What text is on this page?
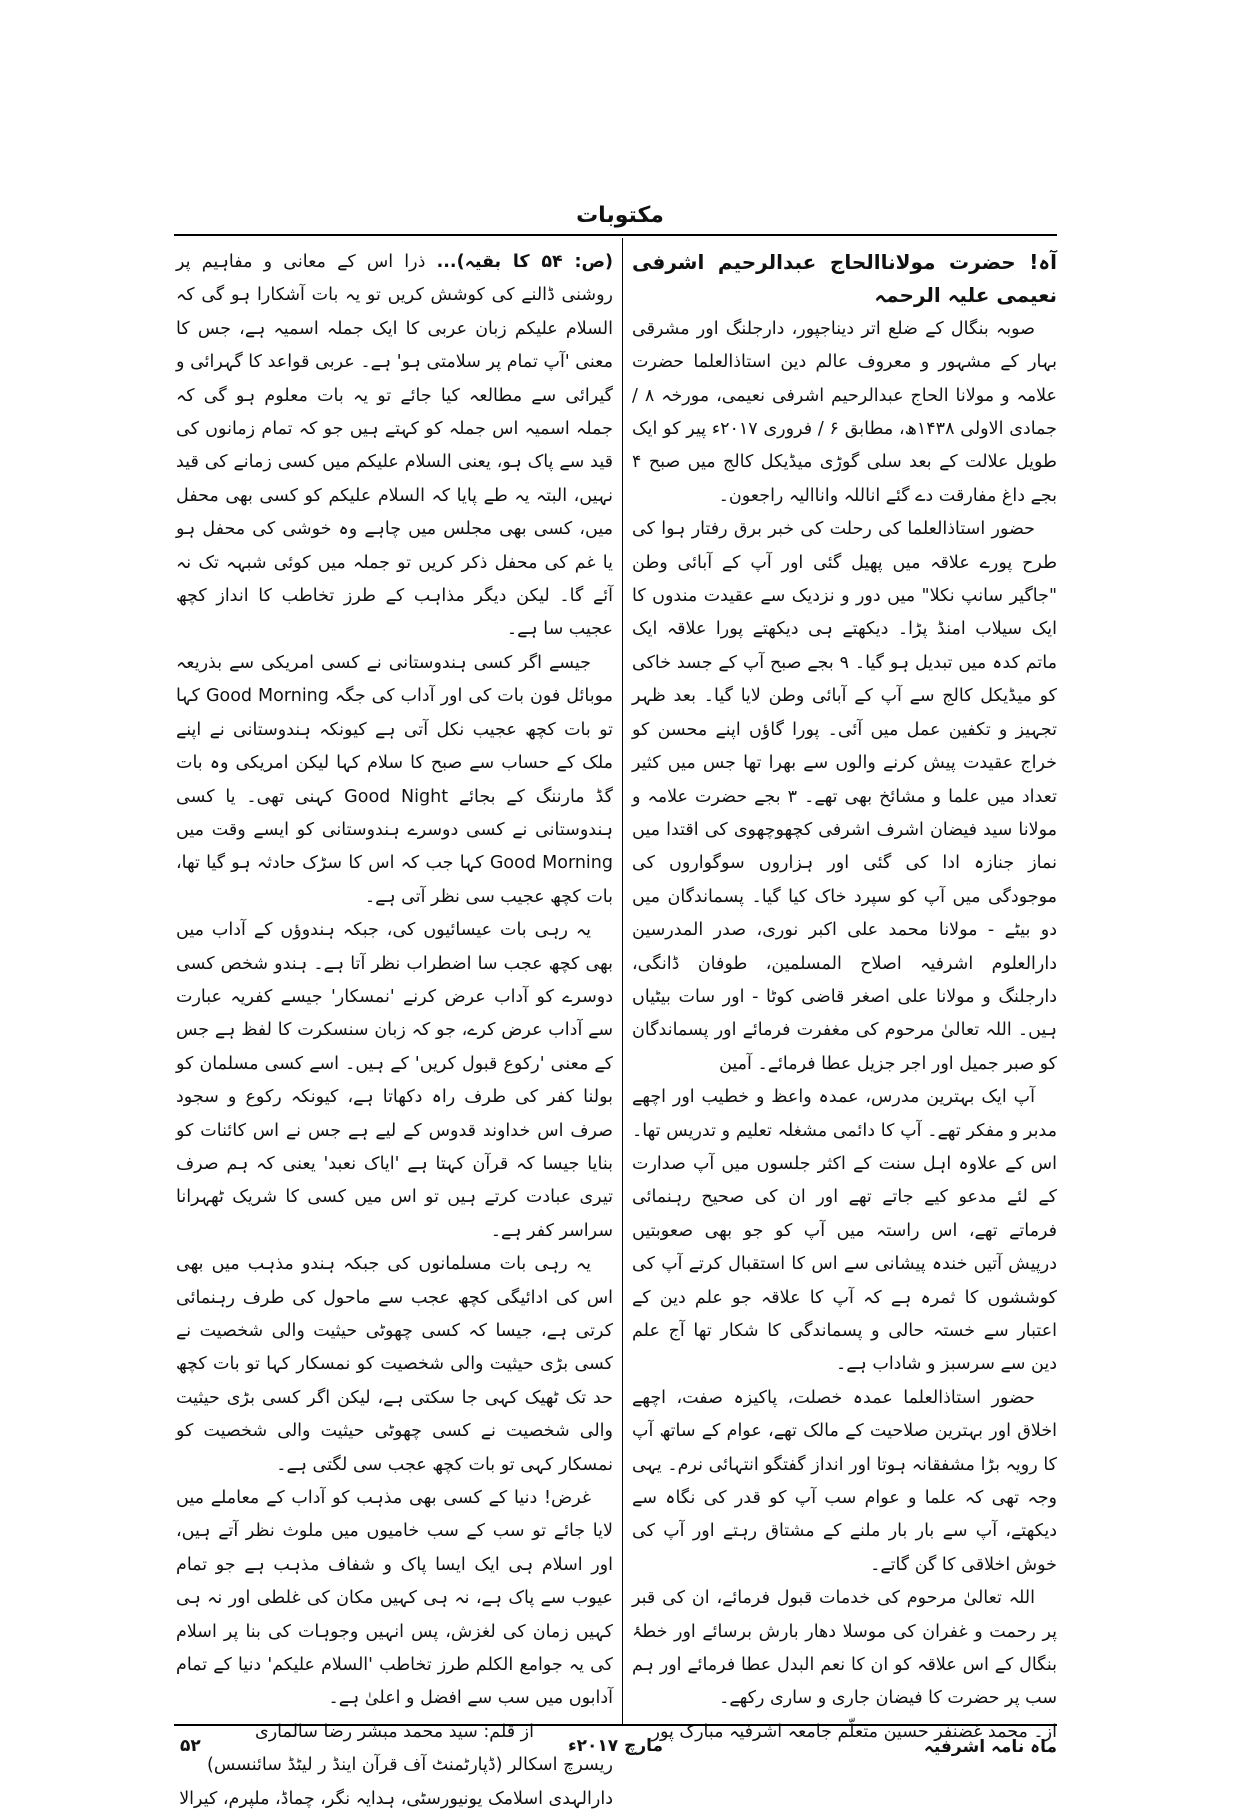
مکتوبات
آہ! حضرت مولاناالحاج عبدالرحیم اشرفی نعیمی علیہ الرحمہ

صوبہ بنگال کے ضلع اتر دیناجپور، دارجلنگ اور مشرقی بہار کے مشہور و معروف عالم دین استاذالعلما حضرت علامہ و مولانا الحاج عبدالرحیم اشرفی نعیمی، مورخہ ۸ / جمادی الاولی ۱۴۳۸ھ، مطابق ۶ / فروری ۲۰۱۷ء پیر کو ایک طویل علالت کے بعد سلی گوڑی میڈیکل کالج میں صبح ۴ بجے داغ مفارقت دے گئے اناللہ واناالیہ راجعون۔

حضور استاذالعلما کی رحلت کی خبر برق رفتار ہوا کی طرح پورے علاقہ میں پھیل گئی اور آپ کے آبائی وطن "جاگیر سانپ نکلا" میں دور و نزدیک سے عقیدت مندوں کا ایک سیلاب امنڈ پڑا۔ دیکھتے ہی دیکھتے پورا علاقہ ایک ماتم کدہ میں تبدیل ہو گیا۔ ۹ بجے صبح آپ کے جسد خاکی کو میڈیکل کالج سے آپ کے آبائی وطن لایا گیا۔ بعد ظہر تجہیز و تکفین عمل میں آئی۔ پورا گاؤں اپنے محسن کو خراج عقیدت پیش کرنے والوں سے بھرا تھا جس میں کثیر تعداد میں علما و مشائخ بھی تھے۔ ۳ بجے حضرت علامہ و مولانا سید فیضان اشرف اشرفی کچھوچھوی کی اقتدا میں نماز جنازہ ادا کی گئی اور ہزاروں سوگواروں کی موجودگی میں آپ کو سپرد خاک کیا گیا۔ پسماندگان میں دو بیٹے - مولانا محمد علی اکبر نوری، صدر المدرسین دارالعلوم اشرفیہ اصلاح المسلمین، طوفان ڈانگی، دارجلنگ و مولانا علی اصغر قاضی کوٹا - اور سات بیٹیاں ہیں۔ اللہ تعالیٰ مرحوم کی مغفرت فرمائے اور پسماندگان کو صبر جمیل اور اجر جزیل عطا فرمائے۔ آمین

آپ ایک بہترین مدرس، عمدہ واعظ و خطیب اور اچھے مدبر و مفکر تھے۔ آپ کا دائمی مشغلہ تعلیم و تدریس تھا۔ اس کے علاوہ اہل سنت کے اکثر جلسوں میں آپ صدارت کے لئے مدعو کیے جاتے تھے اور ان کی صحیح رہنمائی فرماتے تھے، اس راستہ میں آپ کو جو بھی صعوبتیں درپیش آتیں خندہ پیشانی سے اس کا استقبال کرتے آپ کی کوششوں کا ثمرہ ہے کہ آپ کا علاقہ جو علم دین کے اعتبار سے خستہ حالی و پسماندگی کا شکار تھا آج علم دین سے سرسبز و شاداب ہے۔

حضور استاذالعلما عمدہ خصلت، پاکیزہ صفت، اچھے اخلاق اور بہترین صلاحیت کے مالک تھے، عوام کے ساتھ آپ کا رویہ بڑا مشفقانہ ہوتا اور انداز گفتگو انتہائی نرم۔ یہی وجہ تھی کہ علما و عوام سب آپ کو قدر کی نگاہ سے دیکھتے، آپ سے بار بار ملنے کے مشتاق رہتے اور آپ کی خوش اخلاقی کا گن گاتے۔

اللہ تعالیٰ مرحوم کی خدمات قبول فرمائے، ان کی قبر پر رحمت و غفران کی موسلا دھار بارش برسائے اور خطۂ بنگال کے اس علاقہ کو ان کا نعم البدل عطا فرمائے اور ہم سب پر حضرت کا فیضان جاری و ساری رکھے۔

از۔ محمد غضنفر حسین متعلّم جامعہ اشرفیہ مبارک پور

(ص: ۵۴ کا بقیہ)... ذرا اس کے معانی و مفاہیم پر روشنی ڈالنے کی کوشش کریں تو یہ بات آشکارا ہو گی کہ السلام علیکم زبان عربی کا ایک جملہ اسمیہ ہے، جس کا معنی 'آپ تمام پر سلامتی ہو' ہے۔ عربی قواعد کا گہرائی و گیرائی سے مطالعہ کیا جائے تو یہ بات معلوم ہو گی کہ جملہ اسمیہ اس جملہ کو کہتے ہیں جو کہ تمام زمانوں کی قید سے پاک ہو، یعنی السلام علیکم میں کسی زمانے کی قید نہیں، البتہ یہ طے پایا کہ السلام علیکم کو کسی بھی محفل میں، کسی بھی مجلس میں چاہے وہ خوشی کی محفل ہو یا غم کی محفل ذکر کریں تو جملہ میں کوئی شبہہ تک نہ آئے گا۔ لیکن دیگر مذاہب کے طرز تخاطب کا انداز کچھ عجیب سا ہے۔

جیسے اگر کسی ہندوستانی نے کسی امریکی سے بذریعہ موبائل فون بات کی اور آداب کی جگہ Good Morning کہا تو بات کچھ عجیب نکل آتی ہے کیونکہ ہندوستانی نے اپنے ملک کے حساب سے صبح کا سلام کہا لیکن امریکی وہ بات گڈ مارننگ کے بجائے Good Night کہنی تھی۔ یا کسی ہندوستانی نے کسی دوسرے ہندوستانی کو ایسے وقت میں Good Morning کہا جب کہ اس کا سڑک حادثہ ہو گیا تھا، بات کچھ عجیب سی نظر آتی ہے۔

یہ رہی بات عیسائیوں کی، جبکہ ہندوؤں کے آداب میں بھی کچھ عجب سا اضطراب نظر آتا ہے۔ ہندو شخص کسی دوسرے کو آداب عرض کرنے 'نمسکار' جیسے کفریہ عبارت سے آداب عرض کرے، جو کہ زبان سنسکرت کا لفظ ہے جس کے معنی 'رکوع قبول کریں' کے ہیں۔ اسے کسی مسلمان کو بولنا کفر کی طرف راہ دکھاتا ہے، کیونکہ رکوع و سجود صرف اس خداوند قدوس کے لیے ہے جس نے اس کائنات کو بنایا جیسا کہ قرآن کہتا ہے 'ایاک نعبد' یعنی کہ ہم صرف تیری عبادت کرتے ہیں تو اس میں کسی کا شریک ٹھہرانا سراسر کفر ہے۔

یہ رہی بات مسلمانوں کی جبکہ ہندو مذہب میں بھی اس کی ادائیگی کچھ عجب سے ماحول کی طرف رہنمائی کرتی ہے، جیسا کہ کسی چھوٹی حیثیت والی شخصیت نے کسی بڑی حیثیت والی شخصیت کو نمسکار کہا تو بات کچھ حد تک ٹھیک کہی جا سکتی ہے، لیکن اگر کسی بڑی حیثیت والی شخصیت نے کسی چھوٹی حیثیت والی شخصیت کو نمسکار کہی تو بات کچھ عجب سی لگتی ہے۔

غرض! دنیا کے کسی بھی مذہب کو آداب کے معاملے میں لایا جائے تو سب کے سب خامیوں میں ملوث نظر آتے ہیں، اور اسلام ہی ایک ایسا پاک و شفاف مذہب ہے جو تمام عیوب سے پاک ہے، نہ ہی کہیں مکان کی غلطی اور نہ ہی کہیں زمان کی لغزش، پس انہیں وجوہات کی بنا پر اسلام کی یہ جوامع الکلم طرز تخاطب 'السلام علیکم' دنیا کے تمام آدابوں میں سب سے افضل و اعلیٰ ہے۔

از قلم: سید محمد مبشر رضا سالماری

ریسرچ اسکالر (ڈپارٹمنٹ آف قرآن اینڈ ر لیٹڈ سائنسس)

دارالہدی اسلامک یونیورسٹی، ہدایہ نگر، چماڈ، ملپرم، کیرالا

ماہ نامہ اشرفیہ
مارچ ۲۰۱۷ء
۵۲
